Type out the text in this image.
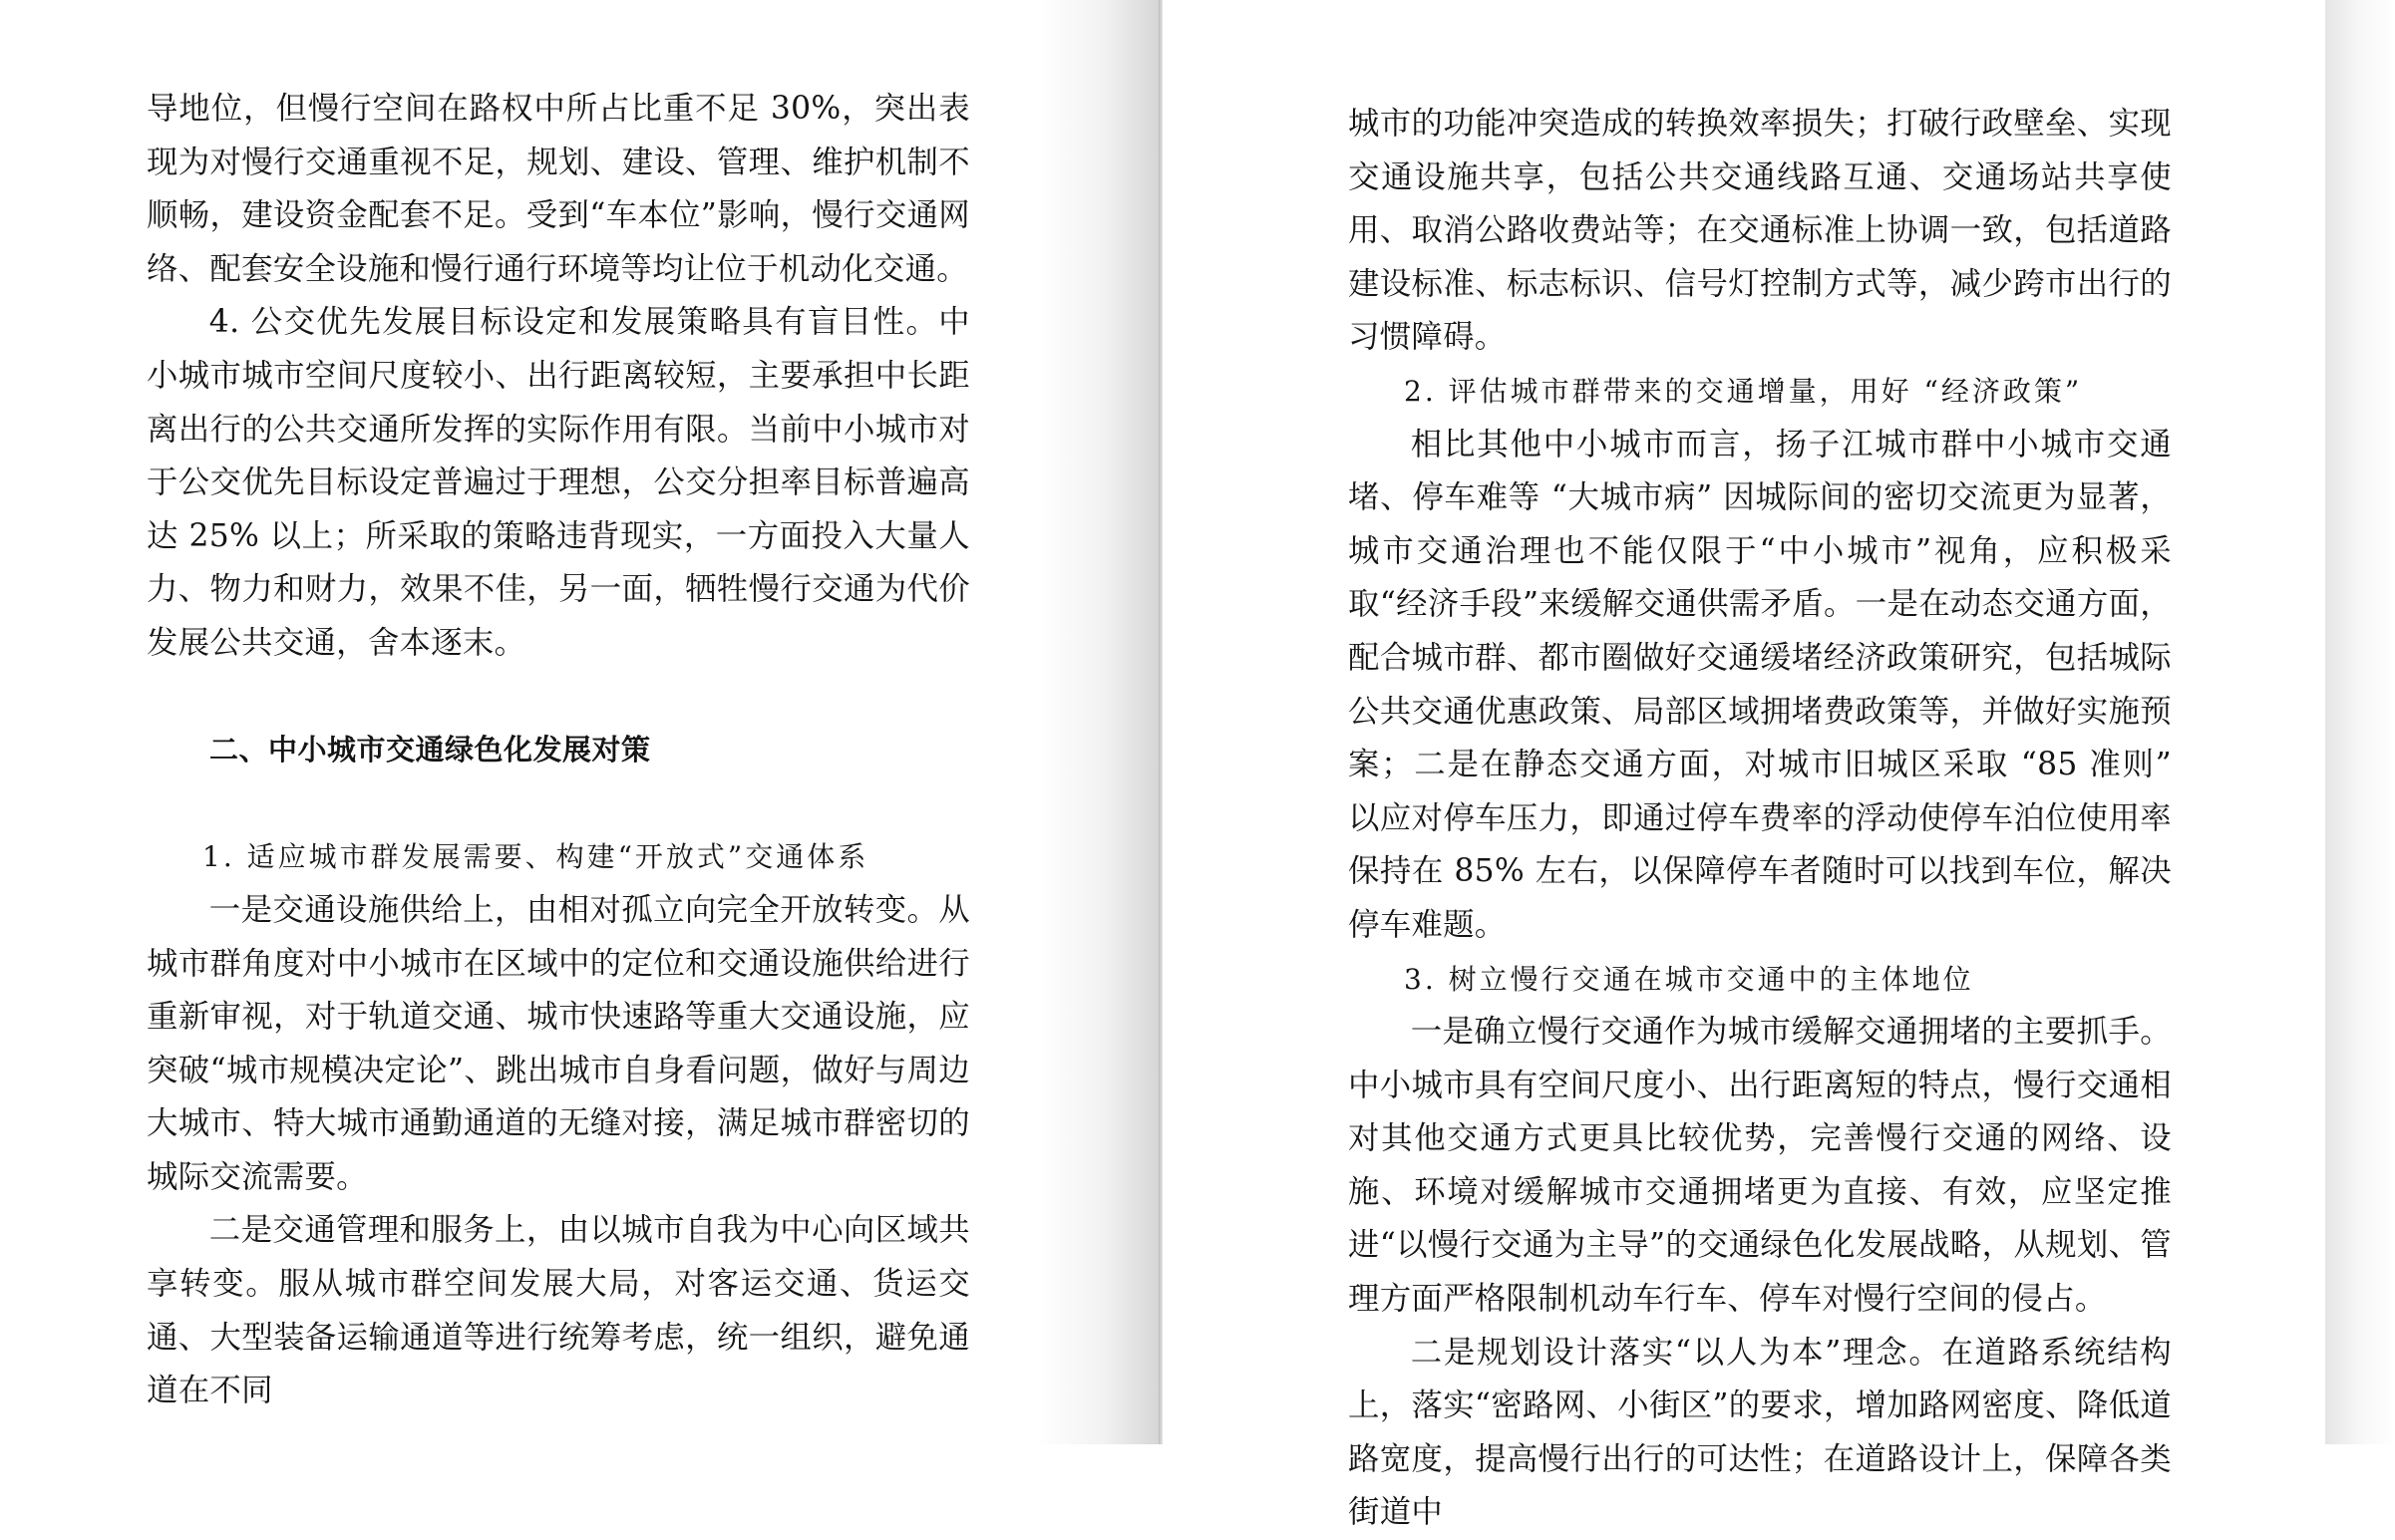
导地位，但慢行空间在路权中所占比重不足 30%，突出表现为对慢行交通重视不足，规划、建设、管理、维护机制不顺畅，建设资金配套不足。受到“车本位”影响，慢行交通网络、配套安全设施和慢行通行环境等均让位于机动化交通。

4. 公交优先发展目标设定和发展策略具有盲目性。中小城市城市空间尺度较小、出行距离较短，主要承担中长距离出行的公共交通所发挥的实际作用有限。当前中小城市对于公交优先目标设定普遍过于理想，公交分担率目标普遍高达 25% 以上；所采取的策略违背现实，一方面投入大量人力、物力和财力，效果不佳，另一面，牺牲慢行交通为代价发展公共交通，舍本逐末。

二、中小城市交通绿色化发展对策

1. 适应城市群发展需要、构建“开放式”交通体系

一是交通设施供给上，由相对孤立向完全开放转变。从城市群角度对中小城市在区域中的定位和交通设施供给进行重新审视，对于轨道交通、城市快速路等重大交通设施，应突破“城市规模决定论”、跳出城市自身看问题，做好与周边大城市、特大城市通勤通道的无缝对接，满足城市群密切的城际交流需要。

二是交通管理和服务上，由以城市自我为中心向区域共享转变。服从城市群空间发展大局，对客运交通、货运交通、大型装备运输通道等进行统筹考虑，统一组织，避免通道在不同

城市的功能冲突造成的转换效率损失；打破行政壁垒、实现交通设施共享，包括公共交通线路互通、交通场站共享使用、取消公路收费站等；在交通标准上协调一致，包括道路建设标准、标志标识、信号灯控制方式等，减少跨市出行的习惯障碍。

2. 评估城市群带来的交通增量，用好 “经济政策”

相比其他中小城市而言，扬子江城市群中小城市交通堵、停车难等 “大城市病” 因城际间的密切交流更为显著，城市交通治理也不能仅限于“中小城市”视角，应积极采取“经济手段”来缓解交通供需矛盾。一是在动态交通方面，配合城市群、都市圈做好交通缓堵经济政策研究，包括城际公共交通优惠政策、局部区域拥堵费政策等，并做好实施预案；二是在静态交通方面，对城市旧城区采取 “85 准则” 以应对停车压力，即通过停车费率的浮动使停车泊位使用率保持在 85% 左右，以保障停车者随时可以找到车位，解决停车难题。

3. 树立慢行交通在城市交通中的主体地位

一是确立慢行交通作为城市缓解交通拥堵的主要抓手。中小城市具有空间尺度小、出行距离短的特点，慢行交通相对其他交通方式更具比较优势，完善慢行交通的网络、设施、环境对缓解城市交通拥堵更为直接、有效，应坚定推进“以慢行交通为主导”的交通绿色化发展战略，从规划、管理方面严格限制机动车行车、停车对慢行空间的侵占。

二是规划设计落实“以人为本”理念。在道路系统结构上，落实“密路网、小街区”的要求，增加路网密度、降低道路宽度，提高慢行出行的可达性；在道路设计上，保障各类街道中
